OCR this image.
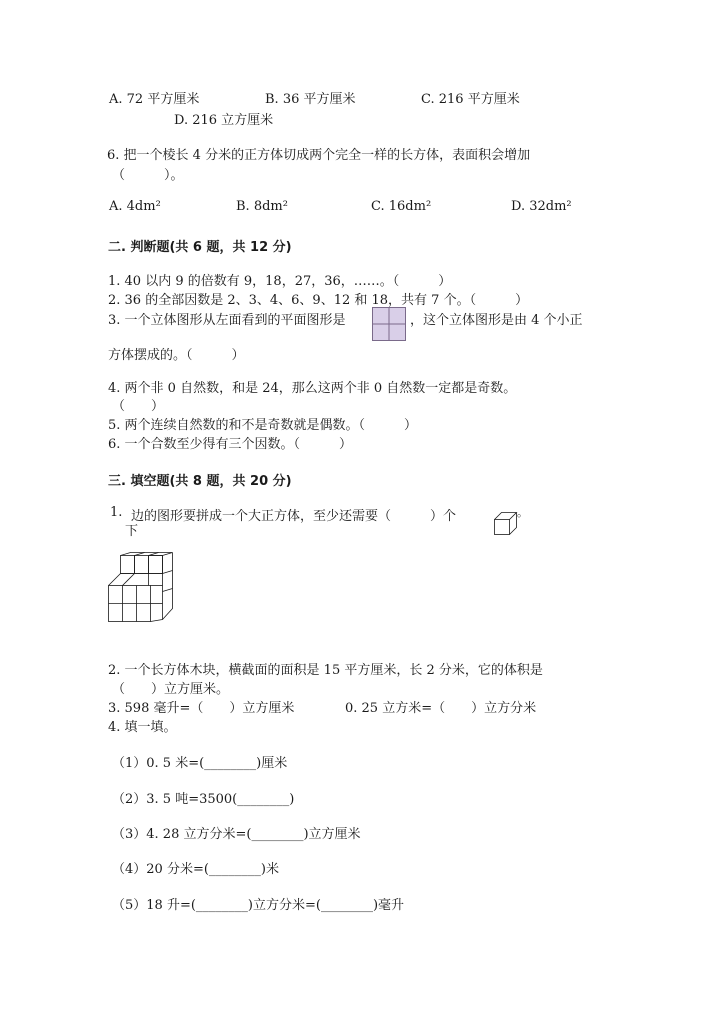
A. 72 平方厘米	B. 36 平方厘米	C. 216 平方厘米
D. 216 立方厘米
6. 把一个棱长 4 分米的正方体切成两个完全一样的长方体，表面积会增加
（　　　）。
A. 4dm²	B. 8dm²	C. 16dm²	D. 32dm²
二. 判断题(共 6 题，共 12 分)
1. 40 以内 9 的倍数有 9，18，27，36，……。（　　　）
2. 36 的全部因数是 2、3、4、6、9、12 和 18，共有 7 个。（　　　）
3. 一个立体图形从左面看到的平面图形是	，这个立体图形是由 4 个小正
方体摆成的。（　　　）
4. 两个非 0 自然数，和是 24，那么这两个非 0 自然数一定都是奇数。
（　　）
5. 两个连续自然数的和不是奇数就是偶数。（　　　）
6. 一个合数至少得有三个因数。（　　　）
三. 填空题(共 8 题，共 20 分)
1. 边的图形要拼成一个大正方体，至少还需要（　　　）个
下
。
2. 一个长方体木块，横截面的面积是 15 平方厘米，长 2 分米，它的体积是
（　　）立方厘米。
3. 598 毫升=（　　）立方厘米	0. 25 立方米=（　　）立方分米
4. 填一填。
（1）0. 5 米=(________)厘米
（2）3. 5 吨=3500(________)
（3）4. 28 立方分米=(________)立方厘米
（4）20 分米=(________)米
（5）18 升=(________)立方分米=(________)毫升
